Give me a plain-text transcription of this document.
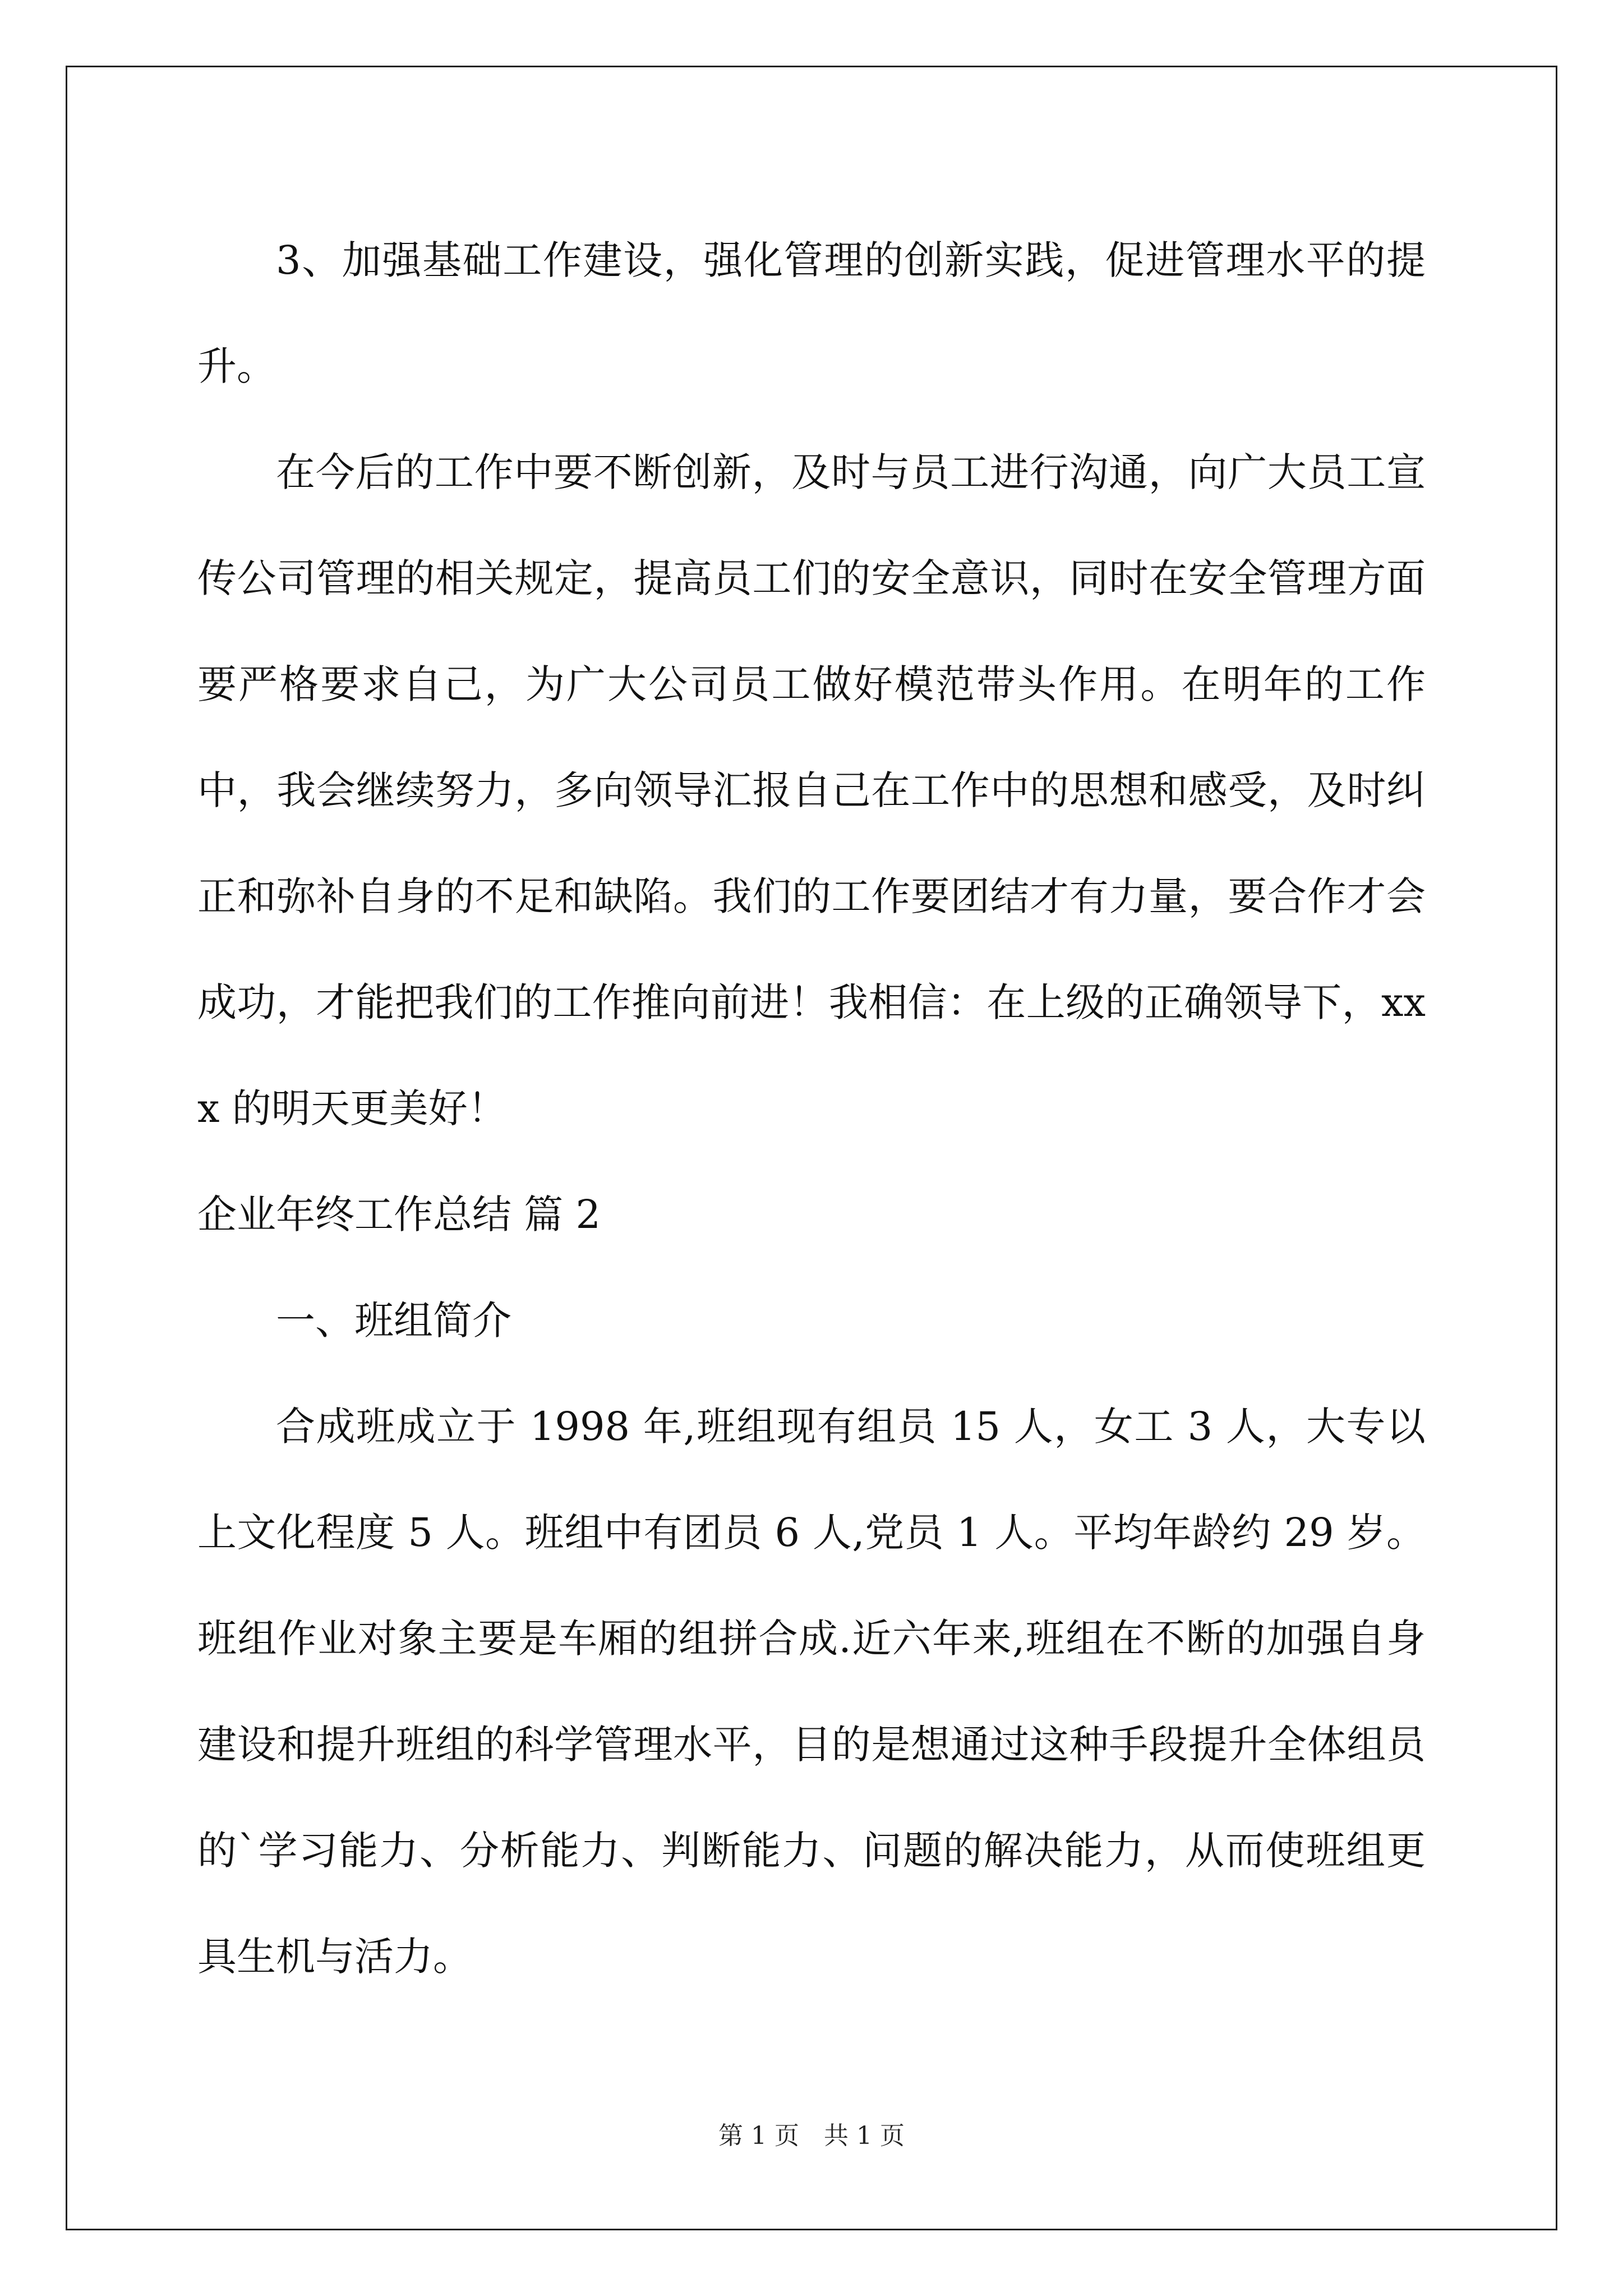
3、加强基础工作建设，强化管理的创新实践，促进管理水平的提升。

在今后的工作中要不断创新，及时与员工进行沟通，向广大员工宣传公司管理的相关规定，提高员工们的安全意识，同时在安全管理方面要严格要求自己，为广大公司员工做好模范带头作用。在明年的工作中，我会继续努力，多向领导汇报自己在工作中的思想和感受，及时纠正和弥补自身的不足和缺陷。我们的工作要团结才有力量，要合作才会成功，才能把我们的工作推向前进！我相信：在上级的正确领导下，xxx 的明天更美好！

企业年终工作总结 篇 2

一、班组简介

合成班成立于 1998 年,班组现有组员 15 人，女工 3 人，大专以上文化程度 5 人。班组中有团员 6 人,党员 1 人。平均年龄约 29 岁。班组作业对象主要是车厢的组拼合成.近六年来,班组在不断的加强自身建设和提升班组的科学管理水平，目的是想通过这种手段提升全体组员的`学习能力、分析能力、判断能力、问题的解决能力，从而使班组更具生机与活力。

第 1 页 共 1 页
